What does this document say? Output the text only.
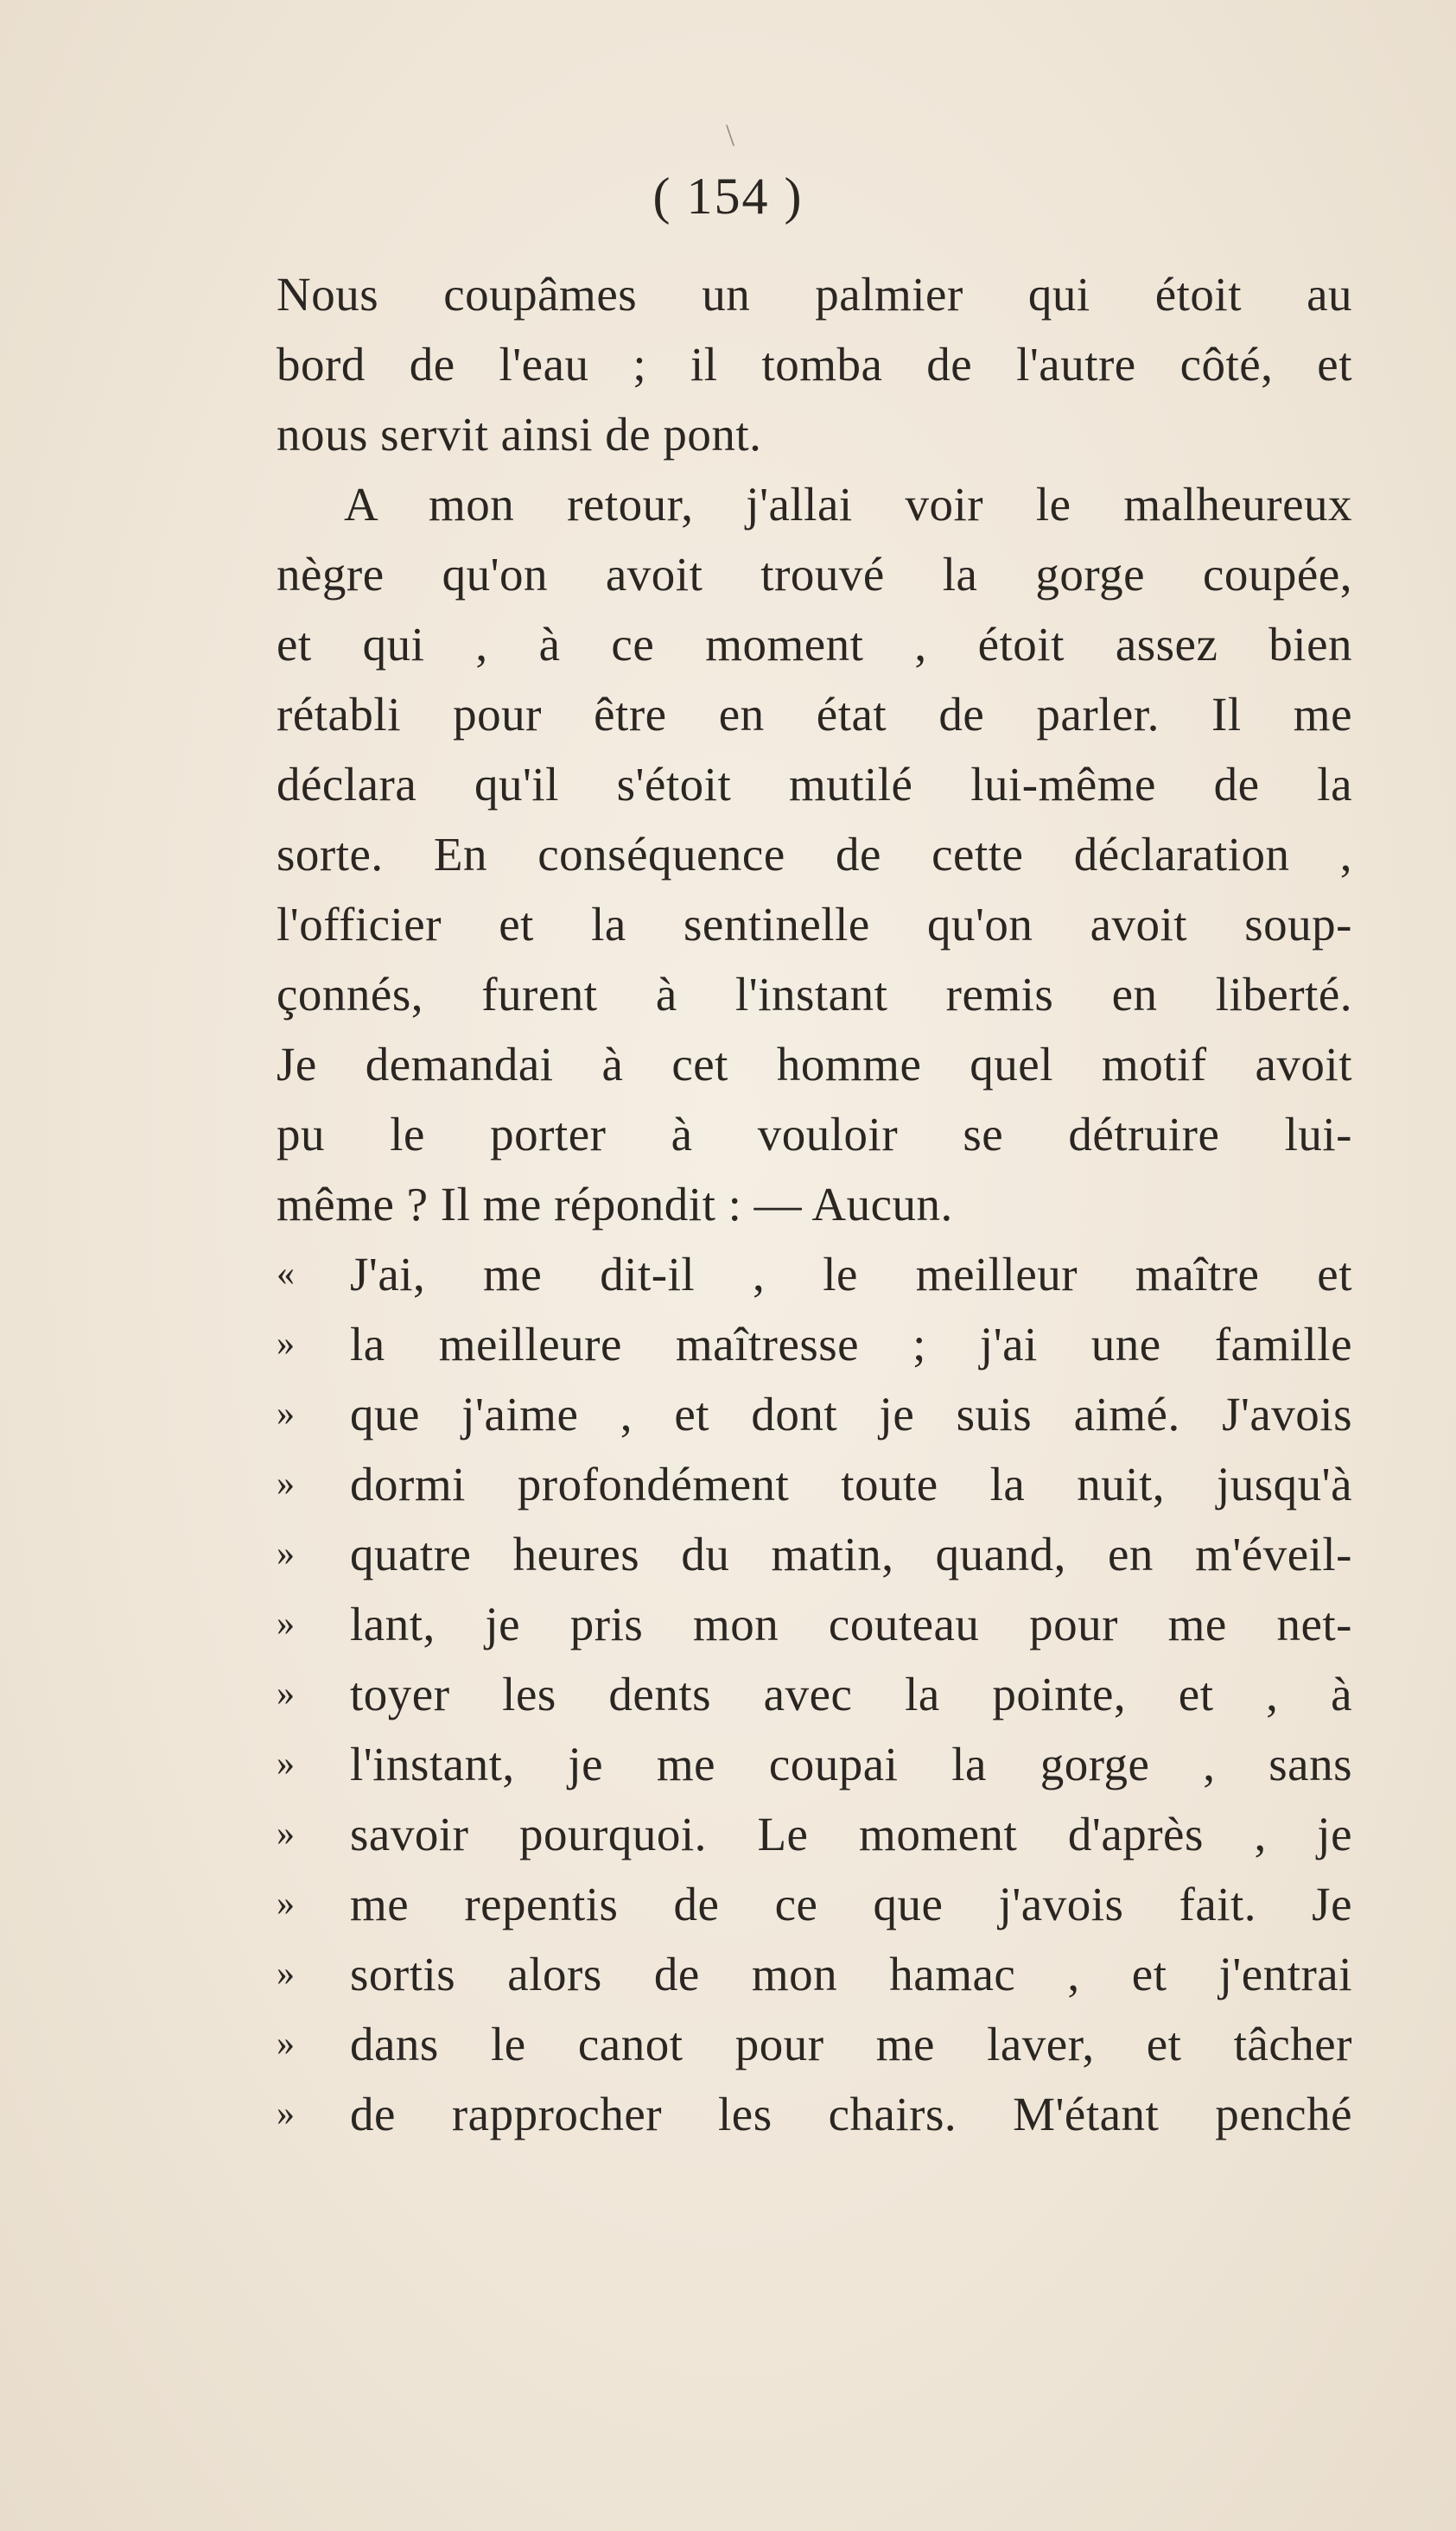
\
( 154 )
Nous coupâmes un palmier qui étoit au
bord de l'eau ; il tomba de l'autre côté, et
nous servit ainsi de pont.
A mon retour, j'allai voir le malheureux
nègre qu'on avoit trouvé la gorge coupée,
et qui , à ce moment , étoit assez bien
rétabli pour être en état de parler. Il me
déclara qu'il s'étoit mutilé lui-même de la
sorte. En conséquence de cette déclaration ,
l'officier et la sentinelle qu'on avoit soup-
çonnés, furent à l'instant remis en liberté.
Je demandai à cet homme quel motif avoit
pu le porter à vouloir se détruire lui-
même ? Il me répondit : — Aucun.
« J'ai, me dit-il , le meilleur maître et
» la meilleure maîtresse ; j'ai une famille
» que j'aime , et dont je suis aimé. J'avois
» dormi profondément toute la nuit, jusqu'à
» quatre heures du matin, quand, en m'éveil-
» lant, je pris mon couteau pour me net-
» toyer les dents avec la pointe, et , à
» l'instant, je me coupai la gorge , sans
» savoir pourquoi. Le moment d'après , je
» me repentis de ce que j'avois fait. Je
» sortis alors de mon hamac , et j'entrai
» dans le canot pour me laver, et tâcher
» de rapprocher les chairs. M'étant penché
